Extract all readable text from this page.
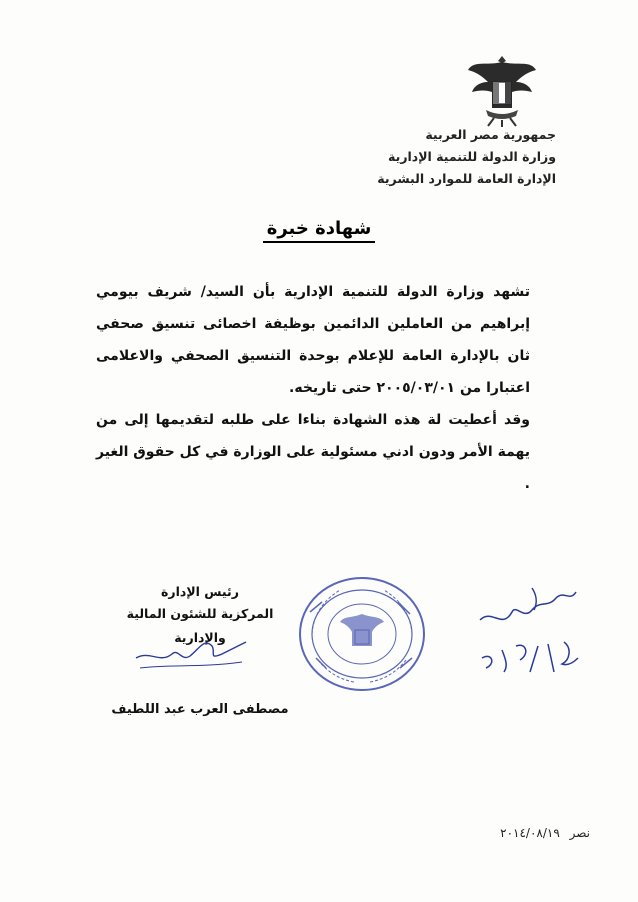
جمهورية مصر العربية
وزارة الدولة للتنمية الإدارية
الإدارة العامة للموارد البشرية
شهادة خبرة

تشهد وزارة الدولة للتنمية الإدارية بأن السيد/ شريف بيومي إبراهيم من العاملين الدائمين بوظيفة اخصائى تنسيق صحفي ثان بالإدارة العامة للإعلام بوحدة التنسيق الصحفي والاعلامى اعتبارا من ٢٠٠٥/٠٣/٠١ حتى تاريخه.

وقد أعطيت لة هذه الشهادة بناءا على طلبه لتقديمها إلى من يهمة الأمر ودون ادني مسئولية على الوزارة في كل حقوق الغير .

رئيس الإدارة
المركزية للشئون المالية والإدارية
مصطفى العرب عبد اللطيف
نصر ٢٠١٤/٠٨/١٩
